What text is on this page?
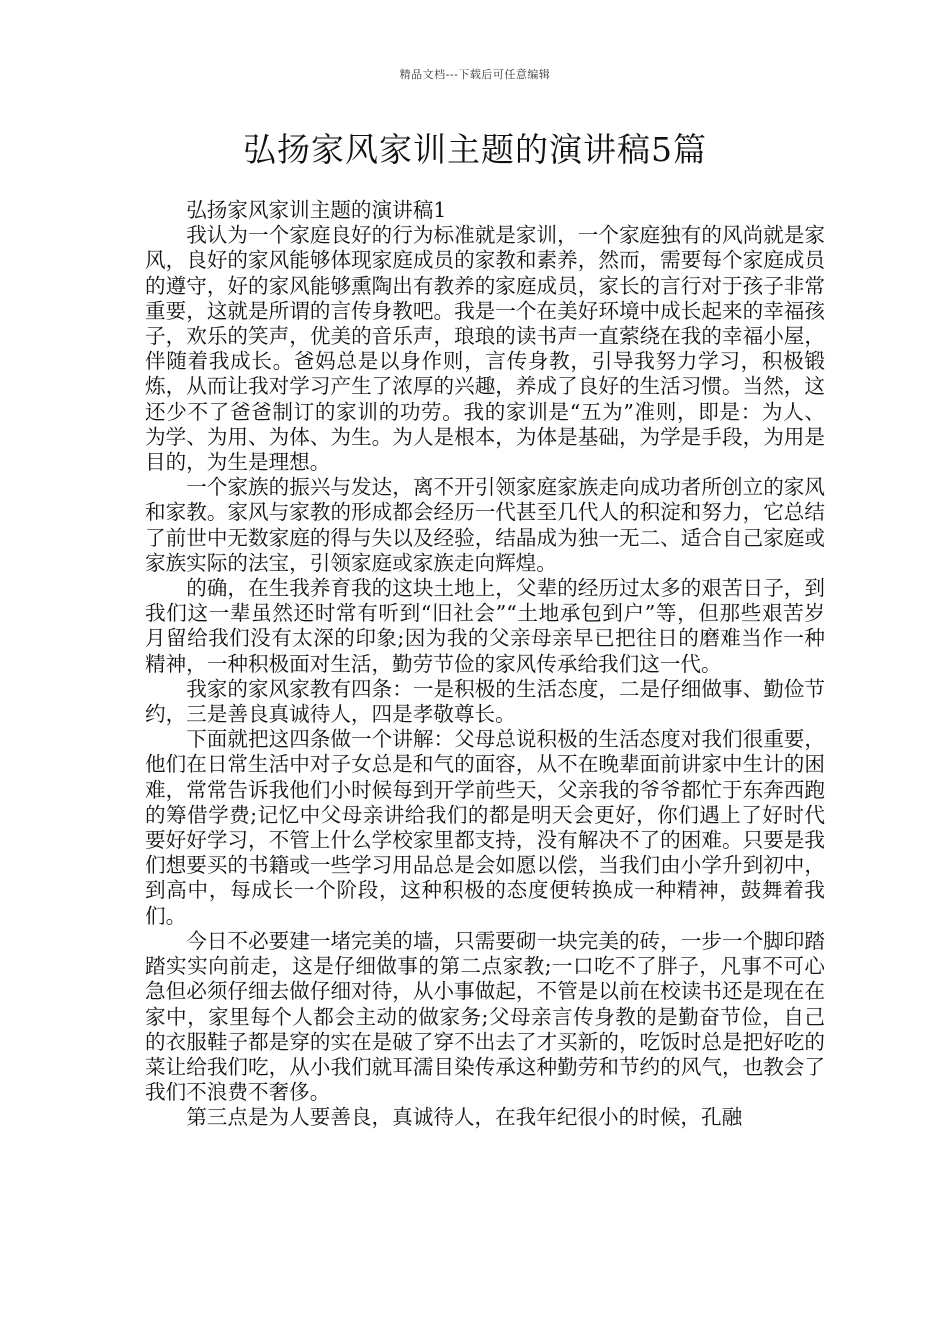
精品文档---下载后可任意编辑
弘扬家风家训主题的演讲稿5篇

弘扬家风家训主题的演讲稿1

我认为一个家庭良好的行为标准就是家训，一个家庭独有的风尚就是家风，良好的家风能够体现家庭成员的家教和素养，然而，需要每个家庭成员的遵守，好的家风能够熏陶出有教养的家庭成员，家长的言行对于孩子非常重要，这就是所谓的言传身教吧。我是一个在美好环境中成长起来的幸福孩子，欢乐的笑声，优美的音乐声，琅琅的读书声一直萦绕在我的幸福小屋，伴随着我成长。爸妈总是以身作则，言传身教，引导我努力学习，积极锻炼，从而让我对学习产生了浓厚的兴趣，养成了良好的生活习惯。当然，这还少不了爸爸制订的家训的功劳。我的家训是“五为”准则，即是：为人、为学、为用、为体、为生。为人是根本，为体是基础，为学是手段，为用是目的，为生是理想。

一个家族的振兴与发达，离不开引领家庭家族走向成功者所创立的家风和家教。家风与家教的形成都会经历一代甚至几代人的积淀和努力，它总结了前世中无数家庭的得与失以及经验，结晶成为独一无二、适合自己家庭或家族实际的法宝，引领家庭或家族走向辉煌。

的确，在生我养育我的这块土地上，父辈的经历过太多的艰苦日子，到我们这一辈虽然还时常有听到“旧社会”“土地承包到户”等，但那些艰苦岁月留给我们没有太深的印象;因为我的父亲母亲早已把往日的磨难当作一种精神，一种积极面对生活，勤劳节俭的家风传承给我们这一代。

我家的家风家教有四条：一是积极的生活态度，二是仔细做事、勤俭节约，三是善良真诚待人，四是孝敬尊长。

下面就把这四条做一个讲解：父母总说积极的生活态度对我们很重要，他们在日常生活中对子女总是和气的面容，从不在晚辈面前讲家中生计的困难，常常告诉我他们小时候每到开学前些天，父亲我的爷爷都忙于东奔西跑的筹借学费;记忆中父母亲讲给我们的都是明天会更好，你们遇上了好时代要好好学习，不管上什么学校家里都支持，没有解决不了的困难。只要是我们想要买的书籍或一些学习用品总是会如愿以偿，当我们由小学升到初中，到高中，每成长一个阶段，这种积极的态度便转换成一种精神，鼓舞着我们。

今日不必要建一堵完美的墙，只需要砌一块完美的砖，一步一个脚印踏踏实实向前走，这是仔细做事的第二点家教;一口吃不了胖子，凡事不可心急但必须仔细去做仔细对待，从小事做起，不管是以前在校读书还是现在在家中，家里每个人都会主动的做家务;父母亲言传身教的是勤奋节俭，自己的衣服鞋子都是穿的实在是破了穿不出去了才买新的，吃饭时总是把好吃的菜让给我们吃，从小我们就耳濡目染传承这种勤劳和节约的风气，也教会了我们不浪费不奢侈。

第三点是为人要善良，真诚待人，在我年纪很小的时候，孔融
